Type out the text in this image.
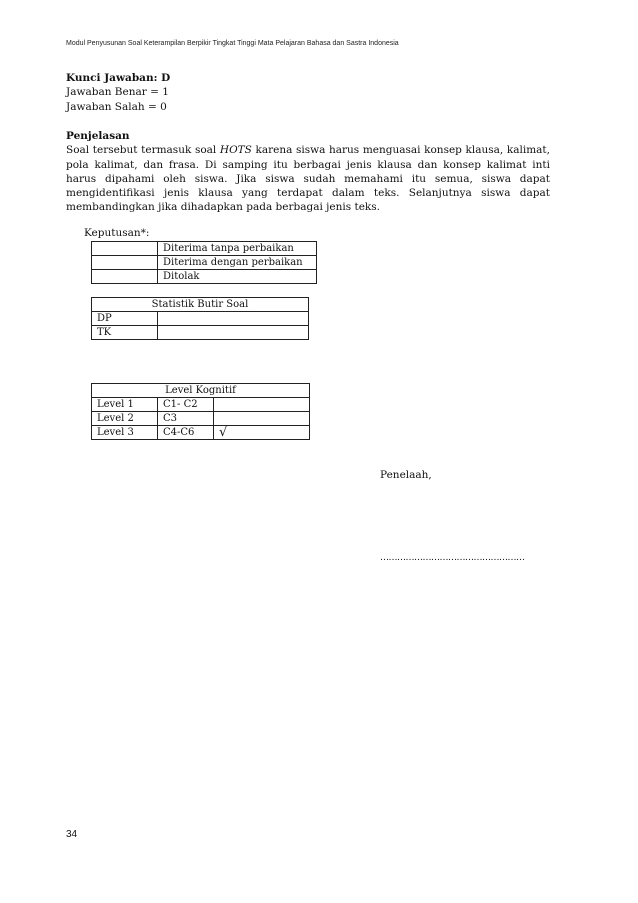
Modul Penyusunan Soal Keterampilan Berpikir Tingkat Tinggi Mata Pelajaran Bahasa dan Sastra Indonesia
Kunci Jawaban: D
Jawaban Benar = 1
Jawaban Salah = 0
Penjelasan
Soal tersebut termasuk soal HOTS karena siswa harus menguasai konsep klausa, kalimat, pola kalimat, dan frasa. Di samping itu berbagai jenis klausa dan konsep kalimat inti harus dipahami oleh siswa. Jika siswa sudah memahami itu semua, siswa dapat mengidentifikasi jenis klausa yang terdapat dalam teks. Selanjutnya siswa dapat membandingkan jika dihadapkan pada berbagai jenis teks.
Keputusan*:
	Diterima tanpa perbaikan
	Diterima dengan perbaikan
	Ditolak
Statistik Butir Soal	
DP	
TK	
Level Kognitif		
Level 1	C1- C2	
Level 2	C3	
Level 3	C4-C6	√
Penelaah,
……………………………………………
34
